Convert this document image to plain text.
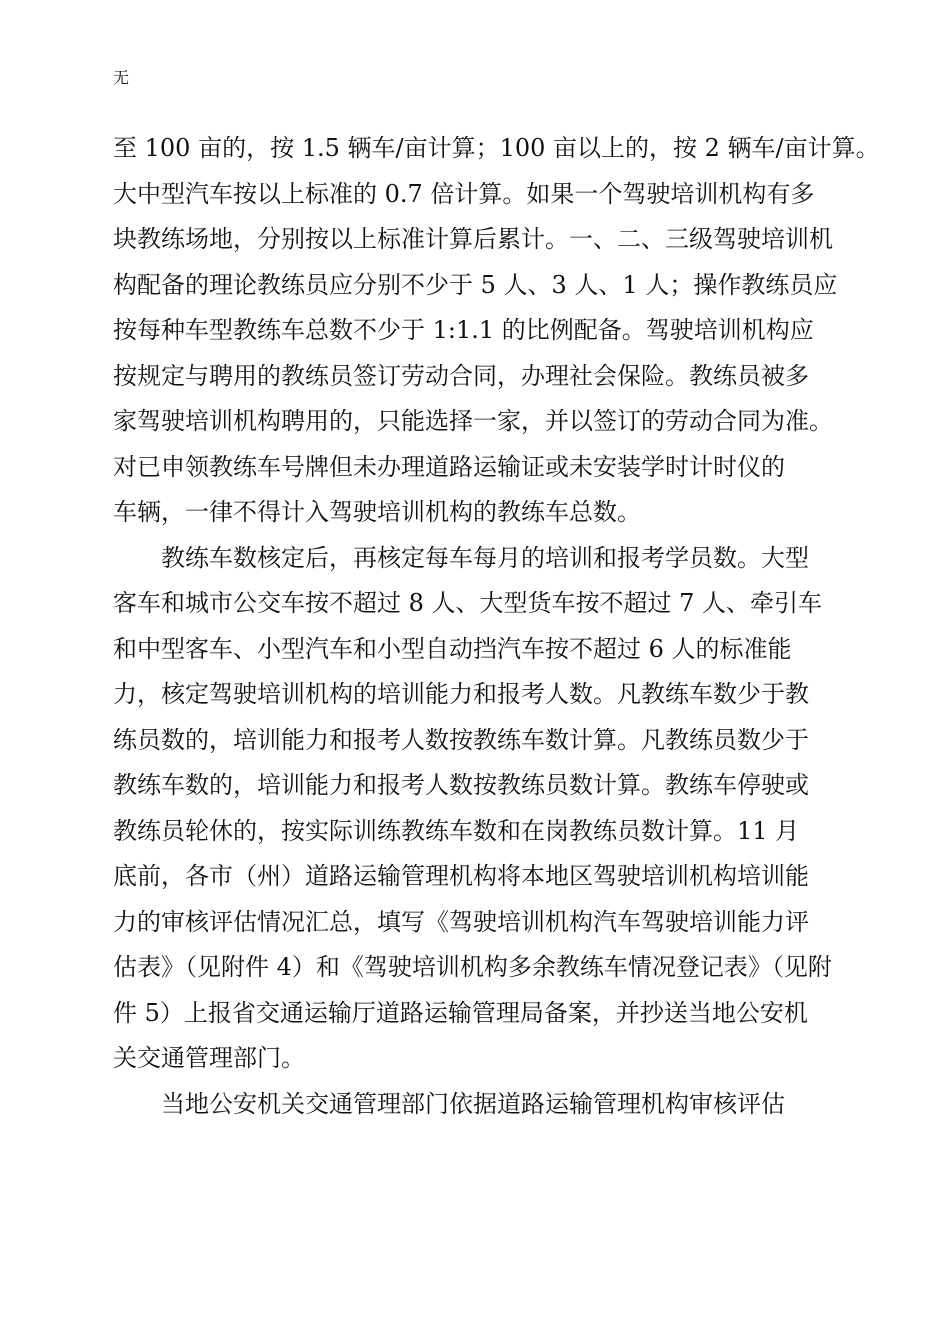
无
至 100 亩的，按 1.5 辆车/亩计算；100 亩以上的，按 2 辆车/亩计算。
大中型汽车按以上标准的 0.7 倍计算。如果一个驾驶培训机构有多
块教练场地，分别按以上标准计算后累计。一、二、三级驾驶培训机
构配备的理论教练员应分别不少于 5 人、3 人、1 人；操作教练员应
按每种车型教练车总数不少于 1:1.1 的比例配备。驾驶培训机构应
按规定与聘用的教练员签订劳动合同，办理社会保险。教练员被多
家驾驶培训机构聘用的，只能选择一家，并以签订的劳动合同为准。
对已申领教练车号牌但未办理道路运输证或未安装学时计时仪的
车辆，一律不得计入驾驶培训机构的教练车总数。
教练车数核定后，再核定每车每月的培训和报考学员数。大型
客车和城市公交车按不超过 8 人、大型货车按不超过 7 人、牵引车
和中型客车、小型汽车和小型自动挡汽车按不超过 6 人的标准能
力，核定驾驶培训机构的培训能力和报考人数。凡教练车数少于教
练员数的，培训能力和报考人数按教练车数计算。凡教练员数少于
教练车数的，培训能力和报考人数按教练员数计算。教练车停驶或
教练员轮休的，按实际训练教练车数和在岗教练员数计算。11 月
底前，各市（州）道路运输管理机构将本地区驾驶培训机构培训能
力的审核评估情况汇总，填写《驾驶培训机构汽车驾驶培训能力评
估表》（见附件 4）和《驾驶培训机构多余教练车情况登记表》（见附
件 5）上报省交通运输厅道路运输管理局备案，并抄送当地公安机
关交通管理部门。
当地公安机关交通管理部门依据道路运输管理机构审核评估
